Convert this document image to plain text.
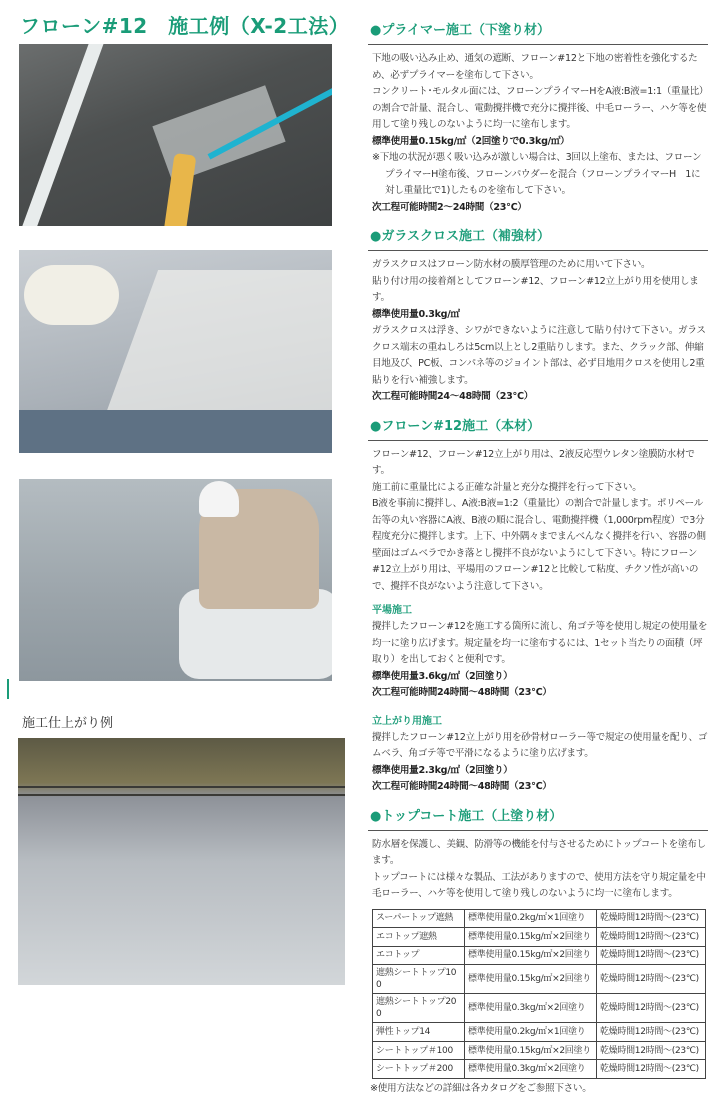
フローン#12　施工例（X-2工法）
施工仕上がり例
●プライマー施工（下塗り材）

下地の吸い込み止め、通気の遮断、フローン#12と下地の密着性を強化するため、必ずプライマーを塗布して下さい。

コンクリート･モルタル面には、フローンプライマーHをA液:B液=1:1（重量比）の割合で計量、混合し、電動攪拌機で充分に攪拌後、中毛ローラー、ハケ等を使用して塗り残しのないように均一に塗布します。

標準使用量0.15kg/㎡（2回塗りで0.3kg/㎡）

※下地の状況が悪く吸い込みが激しい場合は、3回以上塗布、または、フローンプライマーH塗布後、フローンパウダーを混合（フローンプライマーH　1に対し重量比で1)したものを塗布して下さい。

次工程可能時間2～24時間（23℃）

●ガラスクロス施工（補強材）

ガラスクロスはフローン防水材の膜厚管理のために用いて下さい。

貼り付け用の接着剤としてフローン#12、フローン#12立上がり用を使用します。

標準使用量0.3kg/㎡

ガラスクロスは浮き、シワができないように注意して貼り付けて下さい。ガラスクロス端末の重ねしろは5cm以上とし2重貼りします。また、クラック部、伸縮目地及び、PC板、コンパネ等のジョイント部は、必ず目地用クロスを使用し2重貼りを行い補強します。

次工程可能時間24～48時間（23℃）

●フローン#12施工（本材）

フローン#12、フローン#12立上がり用は、2液反応型ウレタン塗膜防水材です。

施工前に重量比による正確な計量と充分な攪拌を行って下さい。

B液を事前に攪拌し、A液:B液=1:2（重量比）の割合で計量します。ポリペール缶等の丸い容器にA液、B液の順に混合し、電動攪拌機（1,000rpm程度）で3分程度充分に攪拌します。上下、中外隅々までまんべんなく攪拌を行い、容器の側壁面はゴムベラでかき落とし攪拌不良がないようにして下さい。特にフローン#12立上がり用は、平場用のフローン#12と比較して粘度、チクソ性が高いので、攪拌不良がないよう注意して下さい。

平場施工

攪拌したフローン#12を施工する箇所に流し、角ゴテ等を使用し規定の使用量を均一に塗り広げます。規定量を均一に塗布するには、1セット当たりの面積（坪取り）を出しておくと便利です。

標準使用量3.6kg/㎡（2回塗り）

次工程可能時間24時間～48時間（23℃）

立上がり用施工

攪拌したフローン#12立上がり用を砂骨材ローラー等で規定の使用量を配り、ゴムベラ、角ゴテ等で平滑になるように塗り広げます。

標準使用量2.3kg/㎡（2回塗り）

次工程可能時間24時間～48時間（23℃）

●トップコート施工（上塗り材）

防水層を保護し、美観、防滑等の機能を付与させるためにトップコートを塗布します。

トップコートには様々な製品、工法がありますので、使用方法を守り規定量を中毛ローラー、ハケ等を使用して塗り残しのないように均一に塗布します。

スーパートップ遮熱	標準使用量0.2kg/㎡×1回塗り	乾燥時間12時間～(23℃)
エコトップ遮熱	標準使用量0.15kg/㎡×2回塗り	乾燥時間12時間～(23℃)
エコトップ	標準使用量0.15kg/㎡×2回塗り	乾燥時間12時間～(23℃)
遮熱シートトップ100	標準使用量0.15kg/㎡×2回塗り	乾燥時間12時間～(23℃)
遮熱シートトップ200	標準使用量0.3kg/㎡×2回塗り	乾燥時間12時間～(23℃)
弾性トップ14	標準使用量0.2kg/㎡×1回塗り	乾燥時間12時間～(23℃)
シートトップ＃100	標準使用量0.15kg/㎡×2回塗り	乾燥時間12時間～(23℃)
シートトップ＃200	標準使用量0.3kg/㎡×2回塗り	乾燥時間12時間～(23℃)

※使用方法などの詳細は各カタログをご参照下さい。
